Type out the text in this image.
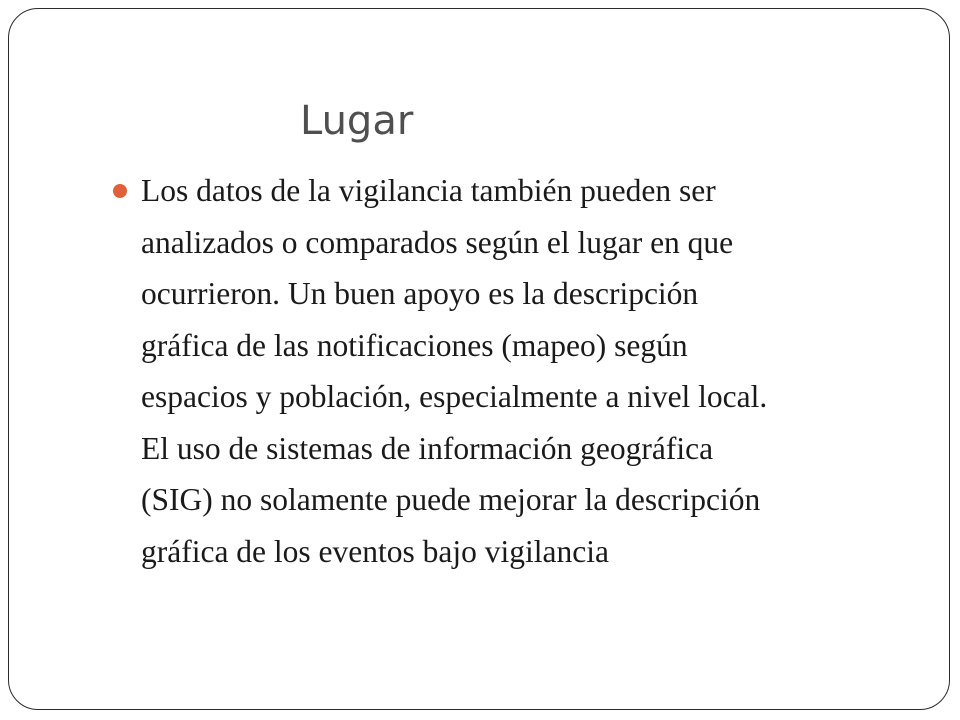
Lugar
Los datos de la vigilancia también pueden ser
analizados o comparados según el lugar en que
ocurrieron. Un buen apoyo es la descripción
gráfica de las notificaciones (mapeo) según
espacios y población, especialmente a nivel local.
El uso de sistemas de información geográfica
(SIG) no solamente puede mejorar la descripción
gráfica de los eventos bajo vigilancia
